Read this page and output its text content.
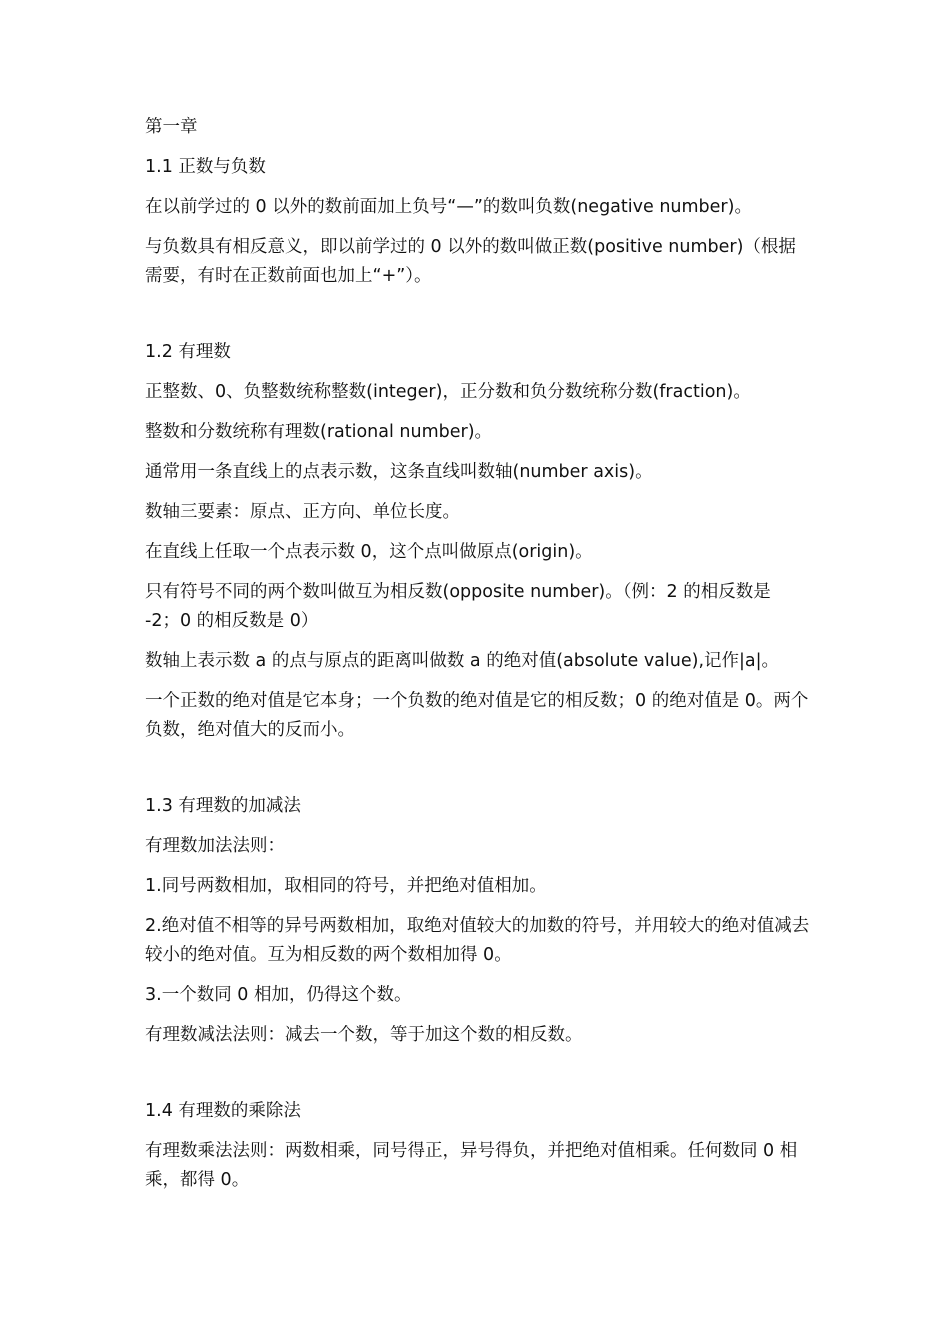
第一章
1.1 正数与负数
在以前学过的 0 以外的数前面加上负号“—”的数叫负数(negative number)。
与负数具有相反意义，即以前学过的 0 以外的数叫做正数(positive number)（根据需要，有时在正数前面也加上“+”）。
1.2 有理数
正整数、0、负整数统称整数(integer)，正分数和负分数统称分数(fraction)。
整数和分数统称有理数(rational number)。
通常用一条直线上的点表示数，这条直线叫数轴(number axis)。
数轴三要素：原点、正方向、单位长度。
在直线上任取一个点表示数 0，这个点叫做原点(origin)。
只有符号不同的两个数叫做互为相反数(opposite number)。（例：2 的相反数是 -2；0 的相反数是 0）
数轴上表示数 a 的点与原点的距离叫做数 a 的绝对值(absolute value),记作|a|。
一个正数的绝对值是它本身；一个负数的绝对值是它的相反数；0 的绝对值是 0。两个负数，绝对值大的反而小。
1.3 有理数的加减法
有理数加法法则：
1.同号两数相加，取相同的符号，并把绝对值相加。
2.绝对值不相等的异号两数相加，取绝对值较大的加数的符号，并用较大的绝对值减去较小的绝对值。互为相反数的两个数相加得 0。
3.一个数同 0 相加，仍得这个数。
有理数减法法则：减去一个数，等于加这个数的相反数。
1.4 有理数的乘除法
有理数乘法法则：两数相乘，同号得正，异号得负，并把绝对值相乘。任何数同 0 相乘，都得 0。
